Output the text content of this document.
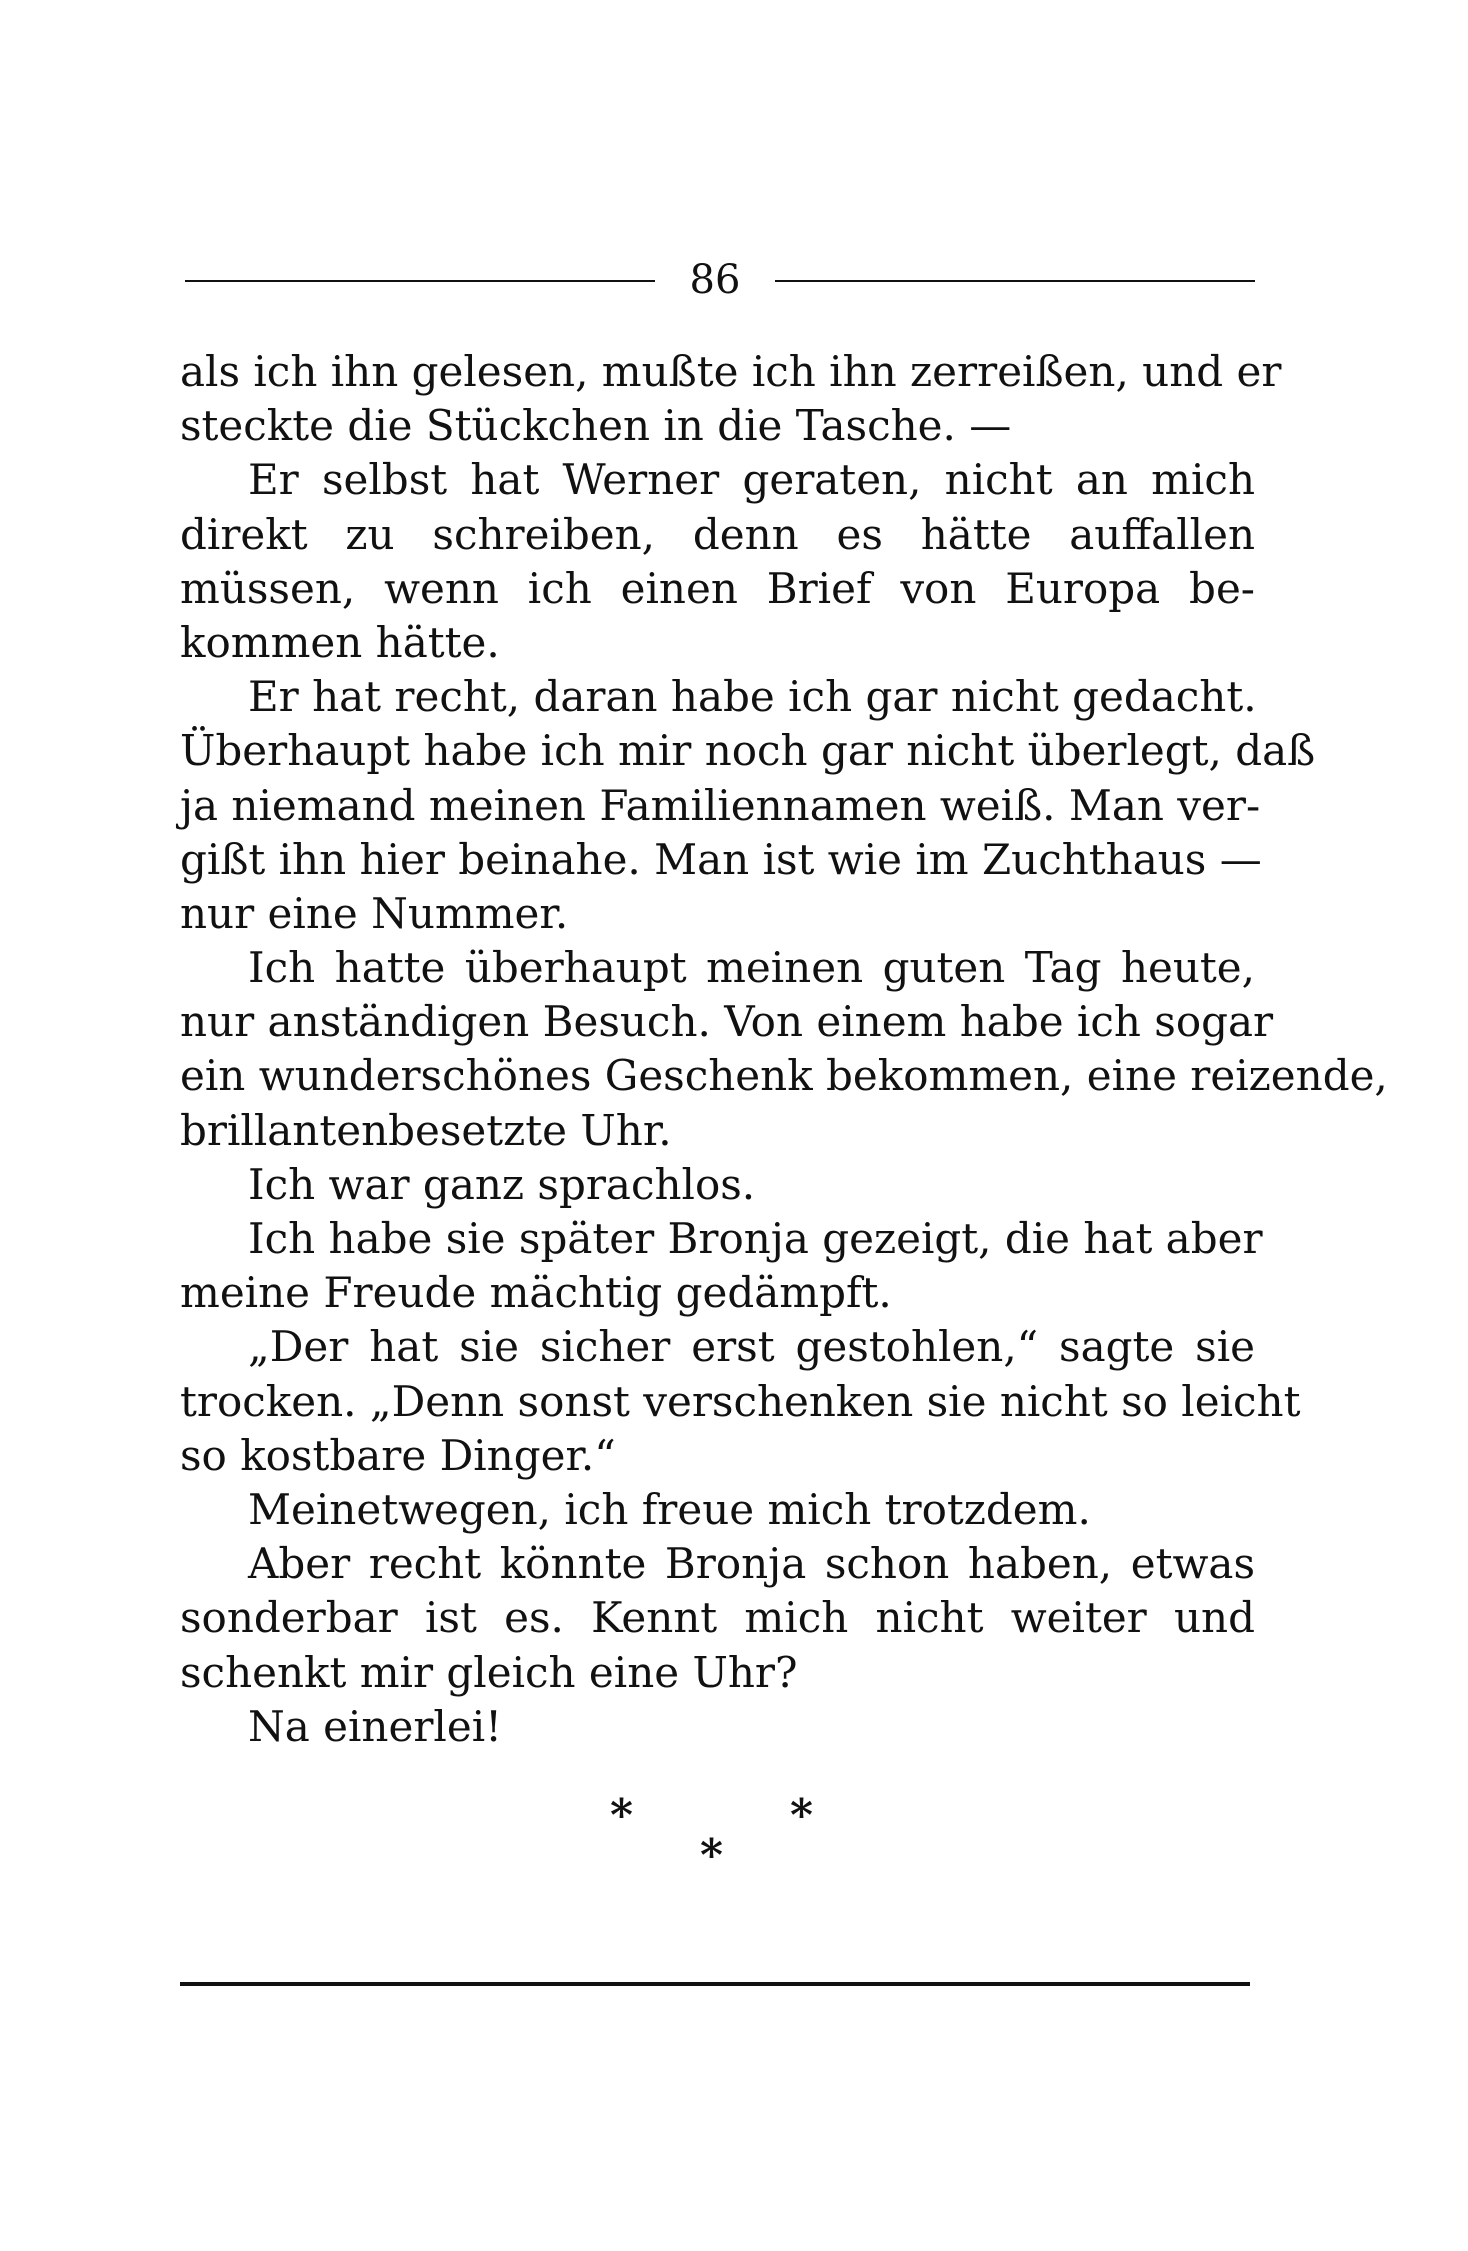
86

als ich ihn gelesen, mußte ich ihn zerreißen, und er
steckte die Stückchen in die Tasche. —

Er selbst hat Werner geraten, nicht an mich
direkt zu schreiben, denn es hätte auffallen
müssen, wenn ich einen Brief von Europa be-
kommen hätte.

Er hat recht, daran habe ich gar nicht gedacht.
Überhaupt habe ich mir noch gar nicht überlegt, daß
ja niemand meinen Familiennamen weiß. Man ver-
gißt ihn hier beinahe. Man ist wie im Zuchthaus —
nur eine Nummer.

Ich hatte überhaupt meinen guten Tag heute,
nur anständigen Besuch. Von einem habe ich sogar
ein wunderschönes Geschenk bekommen, eine reizende,
brillantenbesetzte Uhr.

Ich war ganz sprachlos.

Ich habe sie später Bronja gezeigt, die hat aber
meine Freude mächtig gedämpft.

„Der hat sie sicher erst gestohlen,“ sagte sie
trocken. „Denn sonst verschenken sie nicht so leicht
so kostbare Dinger.“

Meinetwegen, ich freue mich trotzdem.

Aber recht könnte Bronja schon haben, etwas
sonderbar ist es. Kennt mich nicht weiter und
schenkt mir gleich eine Uhr?

Na einerlei!

*	*
*
